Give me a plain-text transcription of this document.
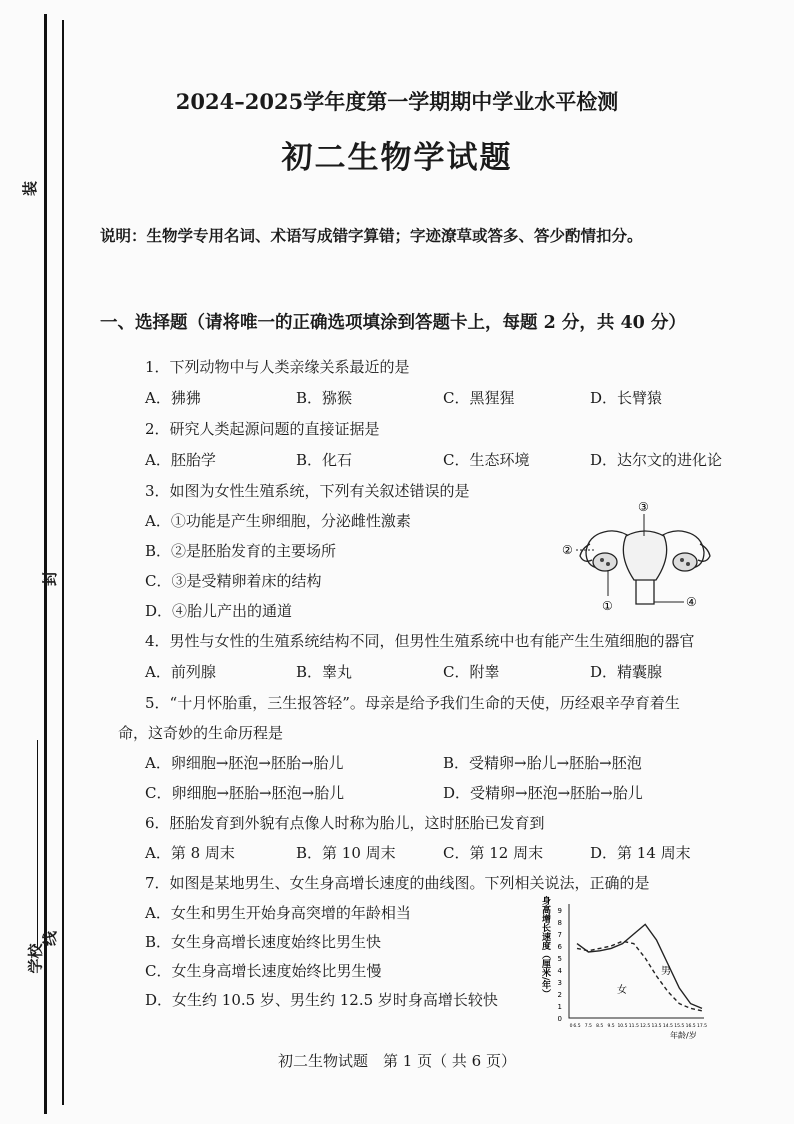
装
封
线
学校
2024–2025学年度第一学期期中学业水平检测
初二生物学试题
说明：生物学专用名词、术语写成错字算错；字迹潦草或答多、答少酌情扣分。
一、选择题（请将唯一的正确选项填涂到答题卡上，每题 2 分，共 40 分）
1．下列动物中与人类亲缘关系最近的是
A．狒狒	B．猕猴	C．黑猩猩	D．长臂猿
2．研究人类起源问题的直接证据是
A．胚胎学	B．化石	C．生态环境	D．达尔文的进化论
3．如图为女性生殖系统，下列有关叙述错误的是
A．①功能是产生卵细胞，分泌雌性激素
B．②是胚胎发育的主要场所
C．③是受精卵着床的结构
D．④胎儿产出的通道
③
②
①	④
4．男性与女性的生殖系统结构不同，但男性生殖系统中也有能产生生殖细胞的器官
A．前列腺	B．睾丸	C．附睾	D．精囊腺
5．“十月怀胎重，三生报答轻”。母亲是给予我们生命的天使，历经艰辛孕育着生
命，这奇妙的生命历程是
A．卵细胞→胚泡→胚胎→胎儿	B．受精卵→胎儿→胚胎→胚泡
C．卵细胞→胚胎→胚泡→胎儿	D．受精卵→胚泡→胚胎→胎儿
6．胚胎发育到外貌有点像人时称为胎儿，这时胚胎已发育到
A．第 8 周末	B．第 10 周末	C．第 12 周末	D．第 14 周末
7．如图是某地男生、女生身高增长速度的曲线图。下列相关说法，正确的是
A．女生和男生开始身高突增的年龄相当
B．女生身高增长速度始终比男生快
C．女生身高增长速度始终比男生慢
D．女生约 10.5 岁、男生约 12.5 岁时身高增长较快
身高增长速度（厘米/年）
0
1
2
3
4
5
6
7
8
9
0 6.5 7.5 8.5 9.5 10.5 11.5 12.5 13.5 14.5 15.5 16.5 17.5
年龄/岁
男
女
初二生物试题　第 1 页（ 共 6 页）
